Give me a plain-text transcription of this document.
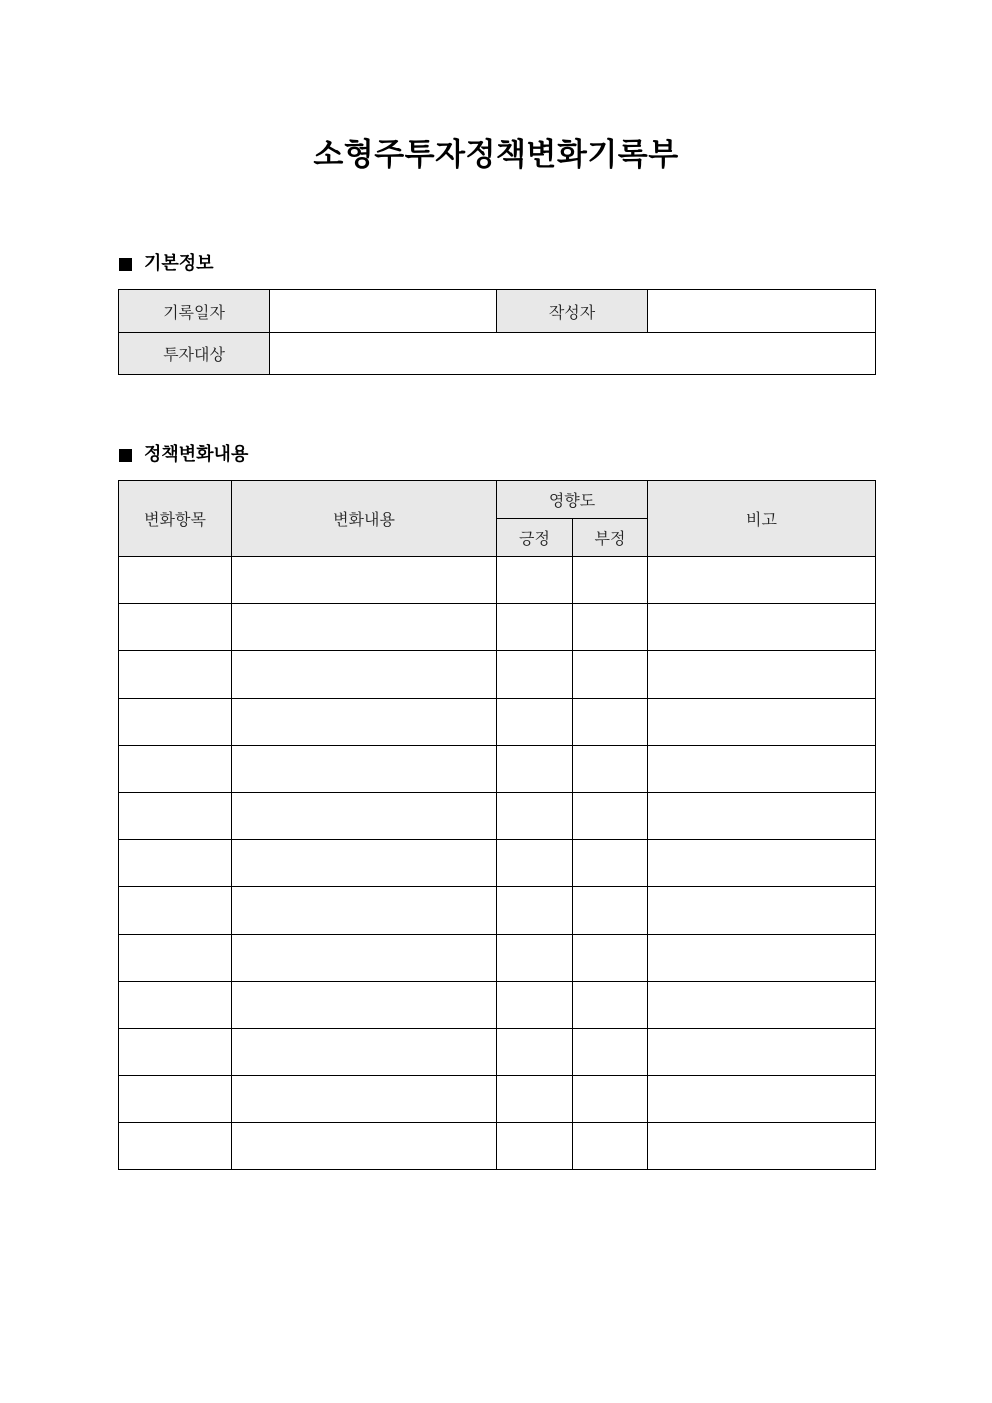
소형주투자정책변화기록부
기본정보
기록일자		작성자	
투자대상			
정책변화내용
변화항목	변화내용	영향도		비고
		긍정	부정	
